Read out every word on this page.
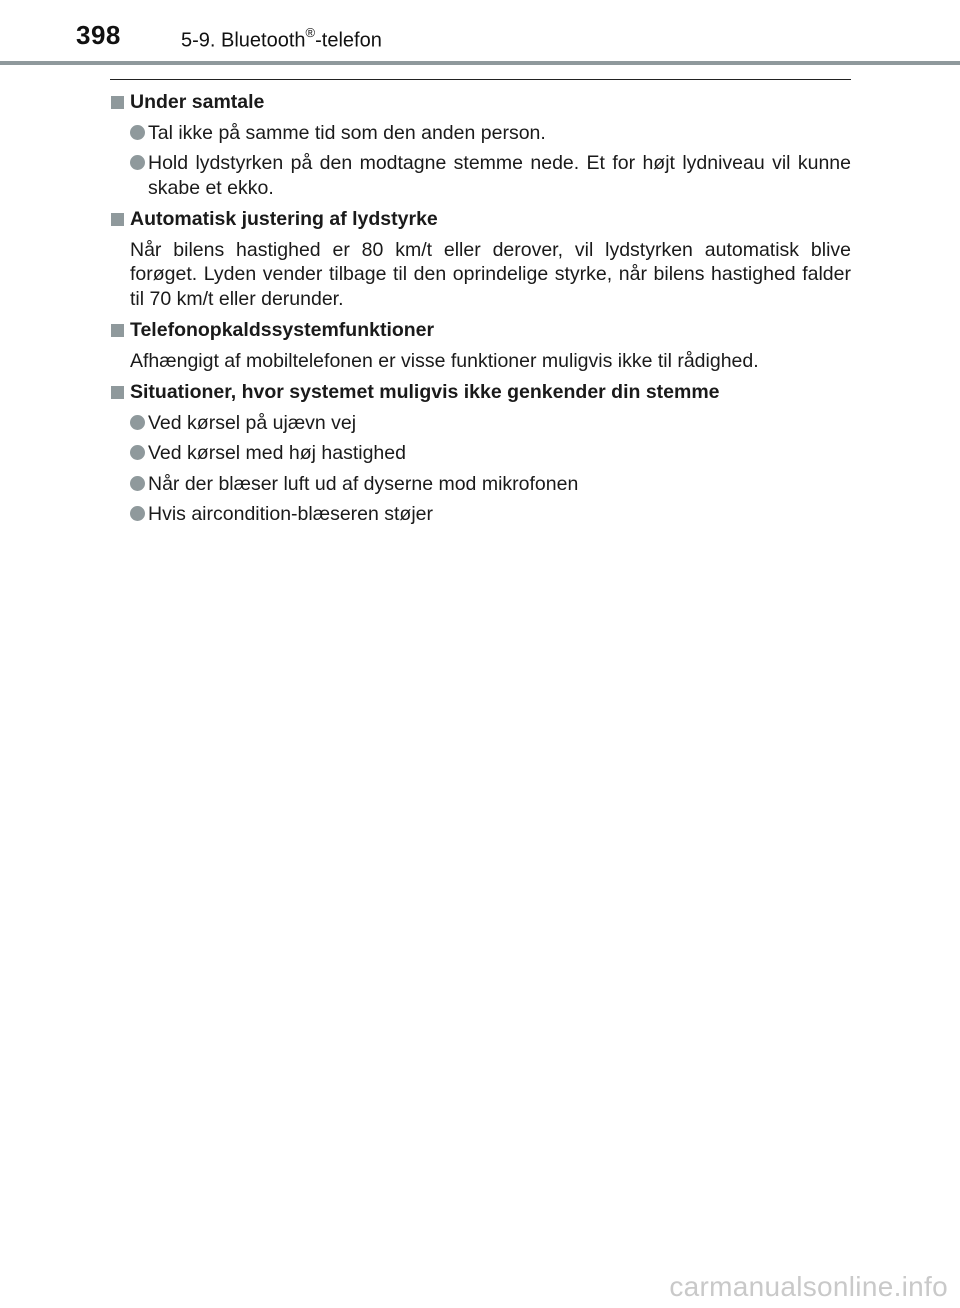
398	5-9. Bluetooth®-telefon
Under samtale
Tal ikke på samme tid som den anden person.
Hold lydstyrken på den modtagne stemme nede. Et for højt lydniveau vil kunne skabe et ekko.
Automatisk justering af lydstyrke
Når bilens hastighed er 80 km/t eller derover, vil lydstyrken automatisk blive forøget. Lyden vender tilbage til den oprindelige styrke, når bilens hastighed falder til 70 km/t eller derunder.
Telefonopkaldssystemfunktioner
Afhængigt af mobiltelefonen er visse funktioner muligvis ikke til rådighed.
Situationer, hvor systemet muligvis ikke genkender din stemme
Ved kørsel på ujævn vej
Ved kørsel med høj hastighed
Når der blæser luft ud af dyserne mod mikrofonen
Hvis aircondition-blæseren støjer
carmanualsonline.info
